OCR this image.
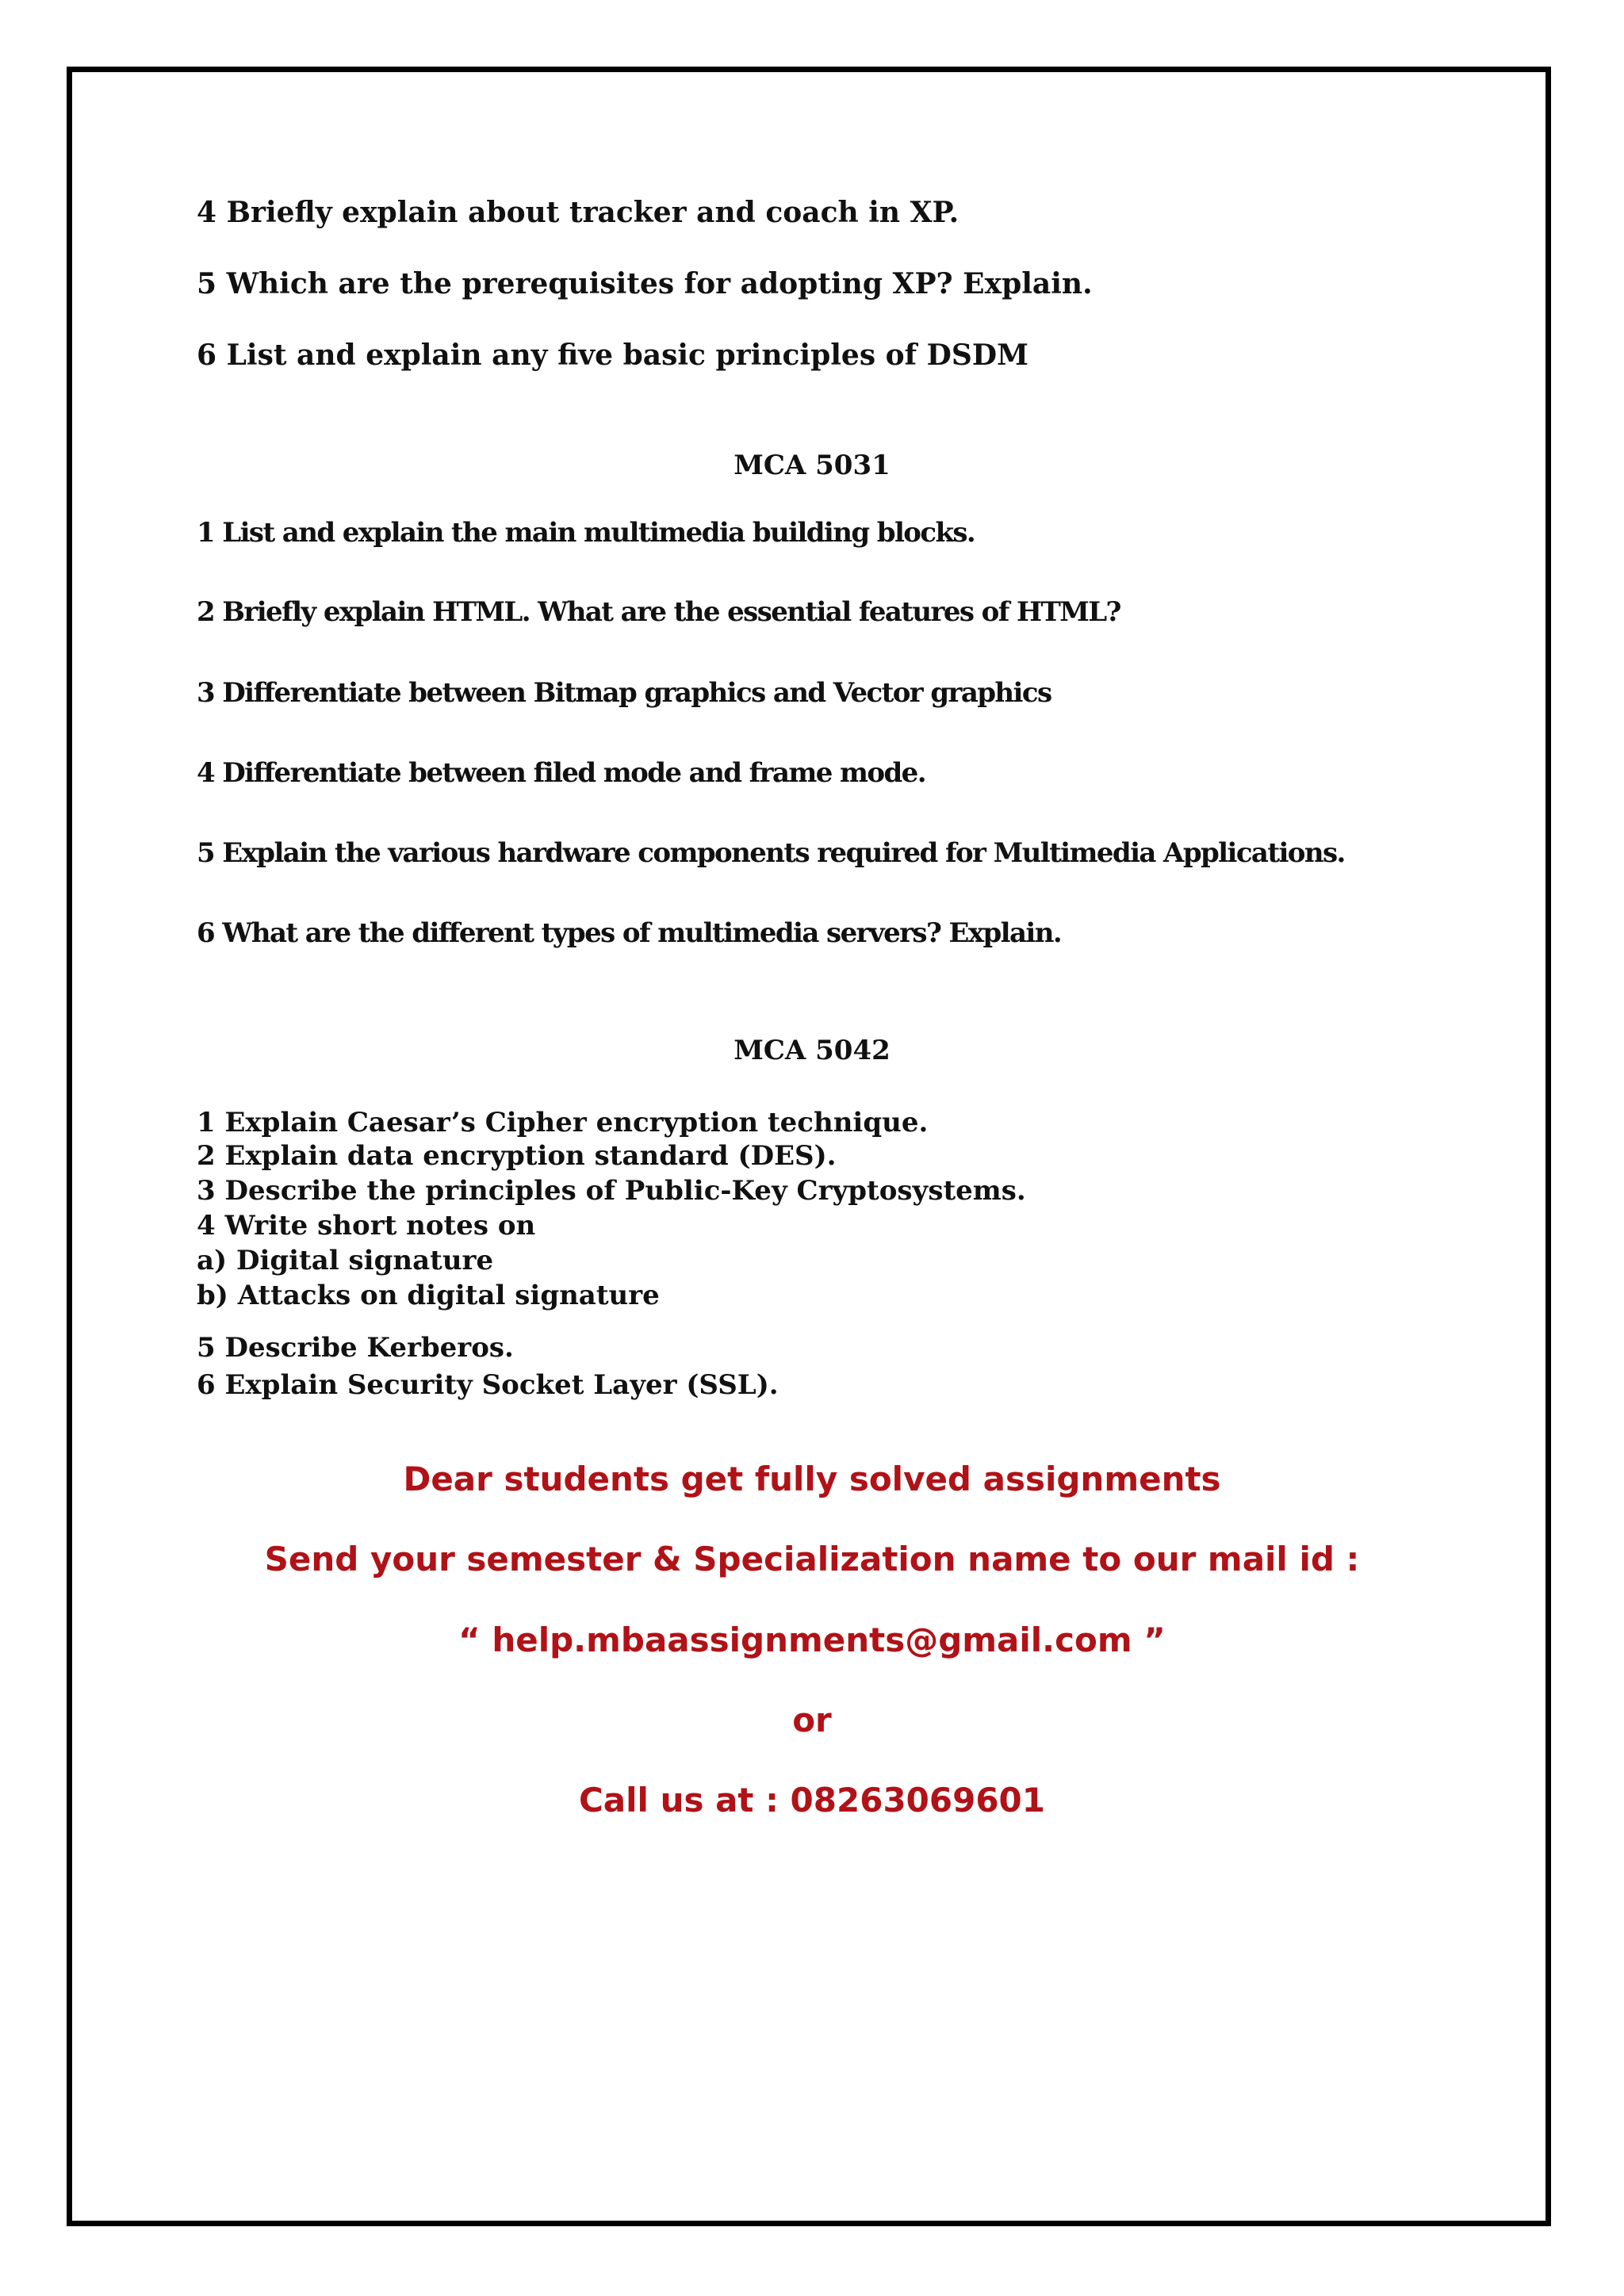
4 Briefly explain about tracker and coach in XP.

5 Which are the prerequisites for adopting XP? Explain.

6 List and explain any five basic principles of DSDM

MCA 5031

1 List and explain the main multimedia building blocks.

2 Briefly explain HTML. What are the essential features of HTML?

3 Differentiate between Bitmap graphics and Vector graphics

4 Differentiate between filed mode and frame mode.

5 Explain the various hardware components required for Multimedia Applications.

6 What are the different types of multimedia servers? Explain.

MCA 5042

1 Explain Caesar’s Cipher encryption technique.

2 Explain data encryption standard (DES).

3 Describe the principles of Public-Key Cryptosystems.

4 Write short notes on

a) Digital signature

b) Attacks on digital signature

5 Describe Kerberos.

6 Explain Security Socket Layer (SSL).

Dear students get fully solved assignments

Send your semester & Specialization name to our mail id :

“ help.mbaassignments@gmail.com ”

or

Call us at : 08263069601
